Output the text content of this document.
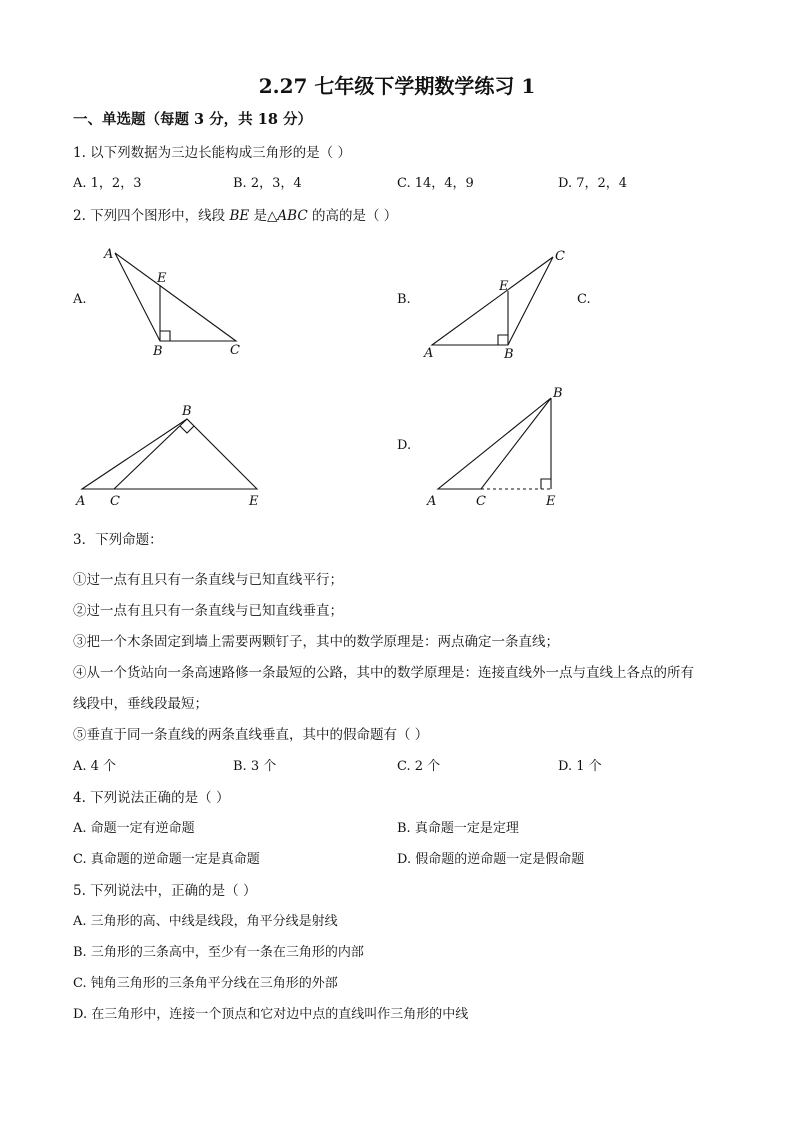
2.27 七年级下学期数学练习 1
一、单选题（每题 3 分，共 18 分）
1. 以下列数据为三边长能构成三角形的是（ ）
A. 1，2，3	B. 2，3，4	C. 14，4，9	D. 7，2，4
2. 下列四个图形中，线段 BE 是△ABC 的高的是（ ）
A.	B.	C.
D.
A
E
B	C
C
E
A	B
B
A C	E
B
A	C	E
3．下列命题：
①过一点有且只有一条直线与已知直线平行；
②过一点有且只有一条直线与已知直线垂直；
③把一个木条固定到墙上需要两颗钉子，其中的数学原理是：两点确定一条直线；
④从一个货站向一条高速路修一条最短的公路，其中的数学原理是：连接直线外一点与直线上各点的所有
线段中，垂线段最短；
⑤垂直于同一条直线的两条直线垂直，其中的假命题有（ ）
A. 4 个	B. 3 个	C. 2 个	D. 1 个
4. 下列说法正确的是（ ）
A. 命题一定有逆命题	B. 真命题一定是定理
C. 真命题的逆命题一定是真命题	D. 假命题的逆命题一定是假命题
5. 下列说法中，正确的是（ ）
A. 三角形的高、中线是线段，角平分线是射线
B. 三角形的三条高中，至少有一条在三角形的内部
C. 钝角三角形的三条角平分线在三角形的外部
D. 在三角形中，连接一个顶点和它对边中点的直线叫作三角形的中线
